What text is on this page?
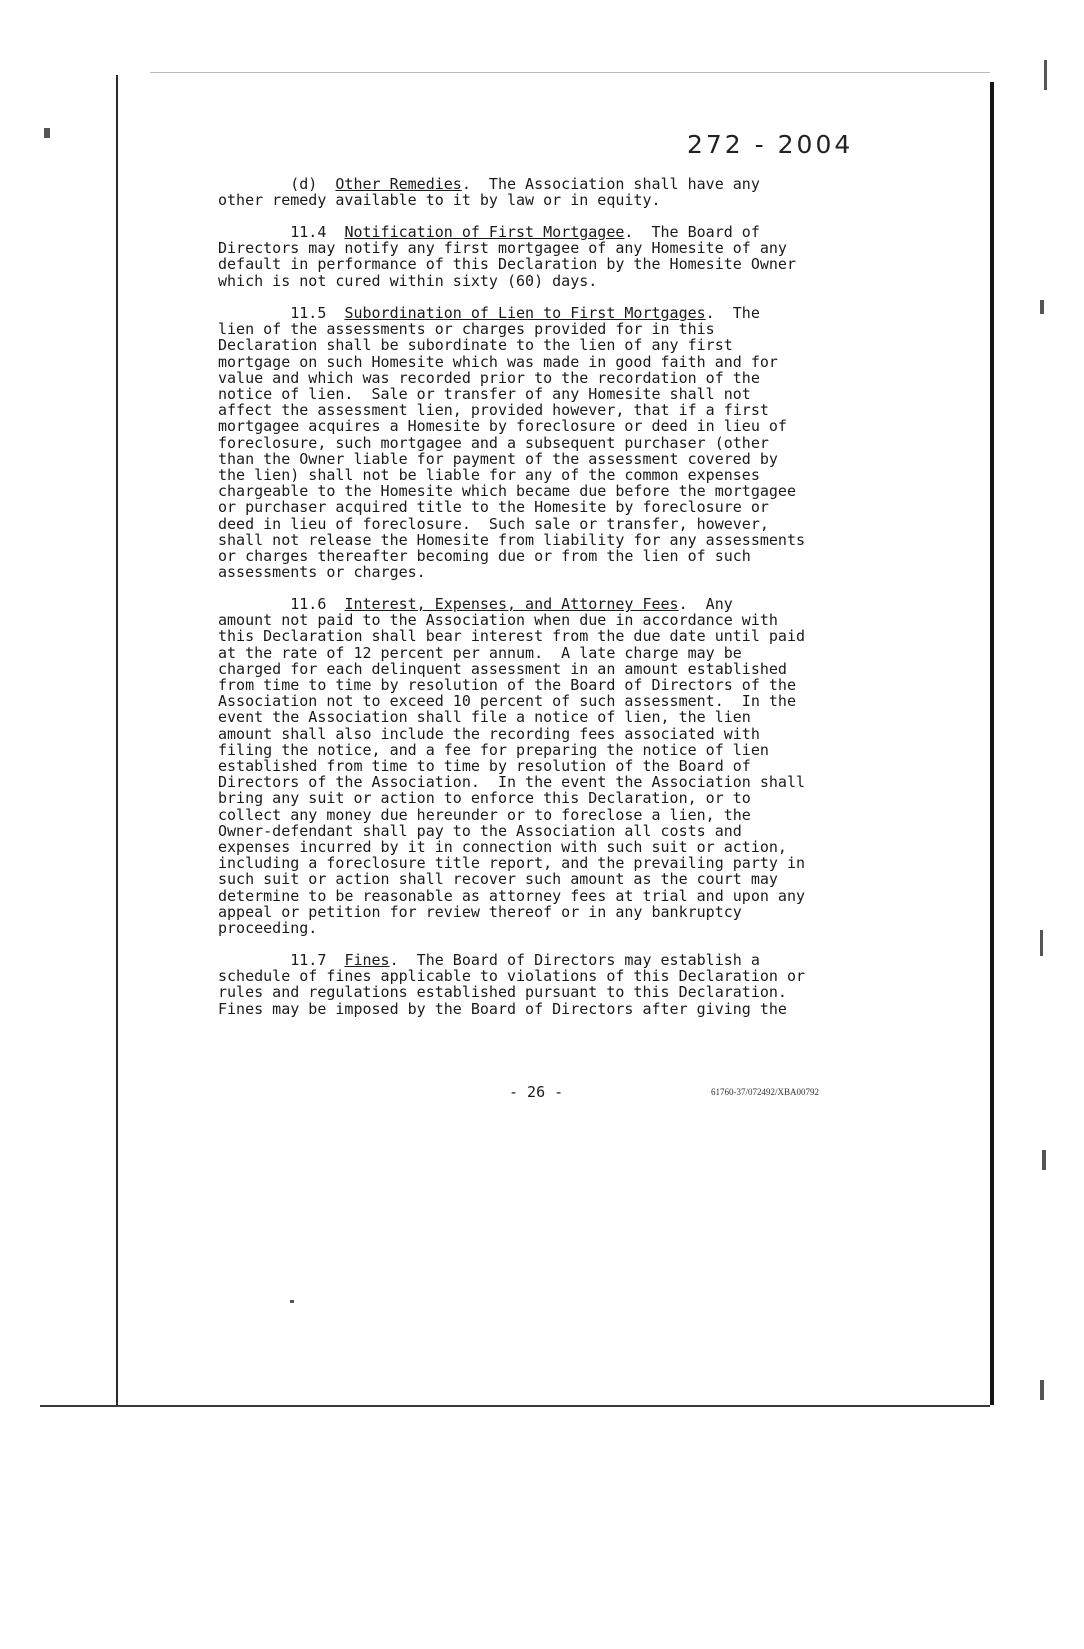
272 - 2004
(d)  Other Remedies.  The Association shall have any
other remedy available to it by law or in equity.
11.4  Notification of First Mortgagee.  The Board of
Directors may notify any first mortgagee of any Homesite of any
default in performance of this Declaration by the Homesite Owner
which is not cured within sixty (60) days.
11.5  Subordination of Lien to First Mortgages.  The
lien of the assessments or charges provided for in this
Declaration shall be subordinate to the lien of any first
mortgage on such Homesite which was made in good faith and for
value and which was recorded prior to the recordation of the
notice of lien.  Sale or transfer of any Homesite shall not
affect the assessment lien, provided however, that if a first
mortgagee acquires a Homesite by foreclosure or deed in lieu of
foreclosure, such mortgagee and a subsequent purchaser (other
than the Owner liable for payment of the assessment covered by
the lien) shall not be liable for any of the common expenses
chargeable to the Homesite which became due before the mortgagee
or purchaser acquired title to the Homesite by foreclosure or
deed in lieu of foreclosure.  Such sale or transfer, however,
shall not release the Homesite from liability for any assessments
or charges thereafter becoming due or from the lien of such
assessments or charges.
11.6  Interest, Expenses, and Attorney Fees.  Any
amount not paid to the Association when due in accordance with
this Declaration shall bear interest from the due date until paid
at the rate of 12 percent per annum.  A late charge may be
charged for each delinquent assessment in an amount established
from time to time by resolution of the Board of Directors of the
Association not to exceed 10 percent of such assessment.  In the
event the Association shall file a notice of lien, the lien
amount shall also include the recording fees associated with
filing the notice, and a fee for preparing the notice of lien
established from time to time by resolution of the Board of
Directors of the Association.  In the event the Association shall
bring any suit or action to enforce this Declaration, or to
collect any money due hereunder or to foreclose a lien, the
Owner-defendant shall pay to the Association all costs and
expenses incurred by it in connection with such suit or action,
including a foreclosure title report, and the prevailing party in
such suit or action shall recover such amount as the court may
determine to be reasonable as attorney fees at trial and upon any
appeal or petition for review thereof or in any bankruptcy
proceeding.
11.7  Fines.  The Board of Directors may establish a
schedule of fines applicable to violations of this Declaration or
rules and regulations established pursuant to this Declaration.
Fines may be imposed by the Board of Directors after giving the
- 26 -	61760-37/072492/XBA00792
